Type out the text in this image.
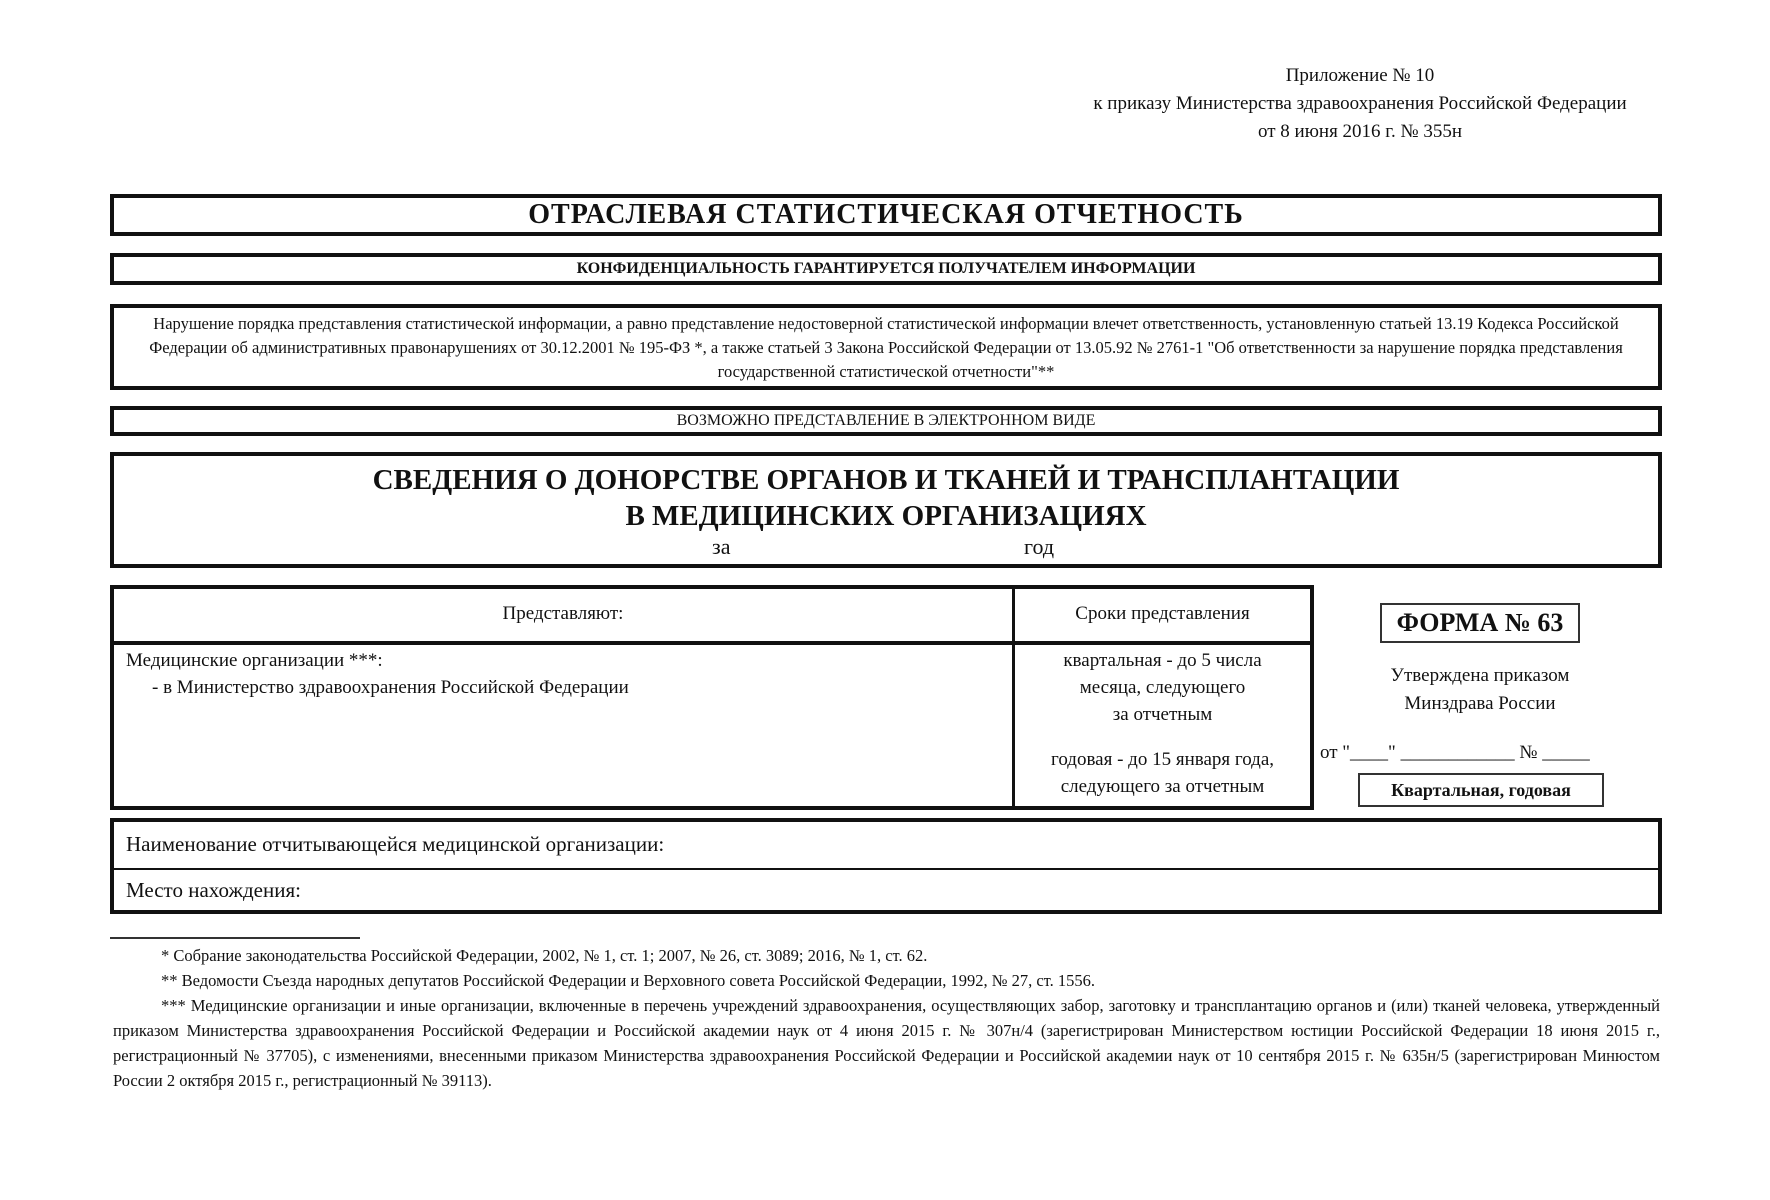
Приложение № 10
к приказу Министерства здравоохранения Российской Федерации
от 8 июня 2016 г. № 355н
ОТРАСЛЕВАЯ СТАТИСТИЧЕСКАЯ ОТЧЕТНОСТЬ
КОНФИДЕНЦИАЛЬНОСТЬ ГАРАНТИРУЕТСЯ ПОЛУЧАТЕЛЕМ ИНФОРМАЦИИ
Нарушение порядка представления статистической информации, а равно представление недостоверной статистической информации влечет ответственность, установленную статьей 13.19 Кодекса Российской Федерации об административных правонарушениях от 30.12.2001 № 195-ФЗ *, а также статьей 3 Закона Российской Федерации от 13.05.92 № 2761-1 "Об ответственности за нарушение порядка представления государственной статистической отчетности"**
ВОЗМОЖНО ПРЕДСТАВЛЕНИЕ В ЭЛЕКТРОННОМ ВИДЕ
СВЕДЕНИЯ О ДОНОРСТВЕ ОРГАНОВ И ТКАНЕЙ И ТРАНСПЛАНТАЦИИ
В МЕДИЦИНСКИХ ОРГАНИЗАЦИЯХ
за	год
Представляют:	Сроки представления
Медицинские организации ***:
- в Министерство здравоохранения Российской Федерации
квартальная - до 5 числа
месяца, следующего
за отчетным
годовая - до 15 января года,
следующего за отчетным
ФОРМА № 63
Утверждена приказом
Минздрава России
от "____" ____________ № _____
Квартальная, годовая
Наименование отчитывающейся медицинской организации:
Место нахождения:

* Собрание законодательства Российской Федерации, 2002, № 1, ст. 1; 2007, № 26, ст. 3089; 2016, № 1, ст. 62.

** Ведомости Съезда народных депутатов Российской Федерации и Верховного совета Российской Федерации, 1992, № 27, ст. 1556.

*** Медицинские организации и иные организации, включенные в перечень учреждений здравоохранения, осуществляющих забор, заготовку и трансплантацию органов и (или) тканей человека, утвержденный приказом Министерства здравоохранения Российской Федерации и Российской академии наук от 4 июня 2015 г. № 307н/4 (зарегистрирован Министерством юстиции Российской Федерации 18 июня 2015 г., регистрационный № 37705), с изменениями, внесенными приказом Министерства здравоохранения Российской Федерации и Российской академии наук от 10 сентября 2015 г. № 635н/5 (зарегистрирован Минюстом России 2 октября 2015 г., регистрационный № 39113).
